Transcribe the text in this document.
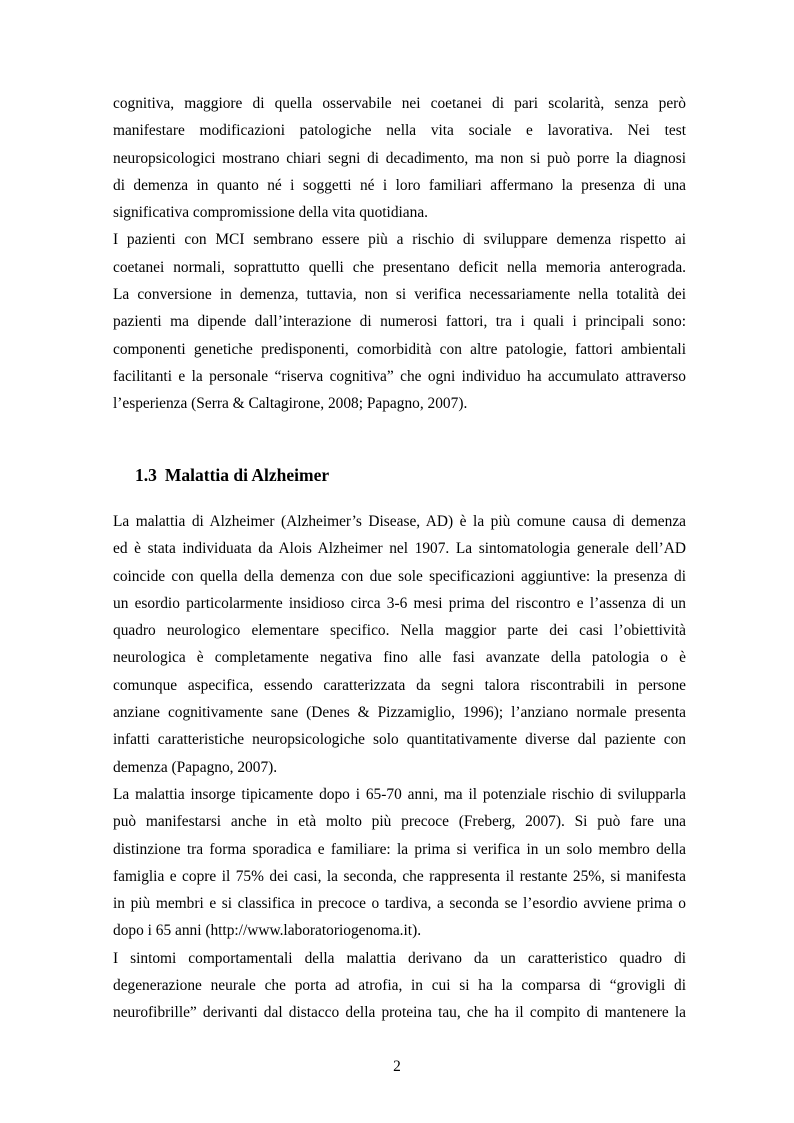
cognitiva, maggiore di quella osservabile nei coetanei di pari scolarità, senza però
manifestare modificazioni patologiche nella vita sociale e lavorativa. Nei test
neuropsicologici mostrano chiari segni di decadimento, ma non si può porre la diagnosi
di demenza in quanto né i soggetti né i loro familiari affermano la presenza di una
significativa compromissione della vita quotidiana.
I pazienti con MCI sembrano essere più a rischio di sviluppare demenza rispetto ai
coetanei normali, soprattutto quelli che presentano deficit nella memoria anterograda.
La conversione in demenza, tuttavia, non si verifica necessariamente nella totalità dei
pazienti ma dipende dall’interazione di numerosi fattori, tra i quali i principali sono:
componenti genetiche predisponenti, comorbidità con altre patologie, fattori ambientali
facilitanti e la personale “riserva cognitiva” che ogni individuo ha accumulato attraverso
l’esperienza (Serra & Caltagirone, 2008; Papagno, 2007).
1.3 Malattia di Alzheimer
La malattia di Alzheimer (Alzheimer’s Disease, AD) è la più comune causa di demenza
ed è stata individuata da Alois Alzheimer nel 1907. La sintomatologia generale dell’AD
coincide con quella della demenza con due sole specificazioni aggiuntive: la presenza di
un esordio particolarmente insidioso circa 3-6 mesi prima del riscontro e l’assenza di un
quadro neurologico elementare specifico. Nella maggior parte dei casi l’obiettività
neurologica è completamente negativa fino alle fasi avanzate della patologia o è
comunque aspecifica, essendo caratterizzata da segni talora riscontrabili in persone
anziane cognitivamente sane (Denes & Pizzamiglio, 1996); l’anziano normale presenta
infatti caratteristiche neuropsicologiche solo quantitativamente diverse dal paziente con
demenza (Papagno, 2007).
La malattia insorge tipicamente dopo i 65-70 anni, ma il potenziale rischio di svilupparla
può manifestarsi anche in età molto più precoce (Freberg, 2007). Si può fare una
distinzione tra forma sporadica e familiare: la prima si verifica in un solo membro della
famiglia e copre il 75% dei casi, la seconda, che rappresenta il restante 25%, si manifesta
in più membri e si classifica in precoce o tardiva, a seconda se l’esordio avviene prima o
dopo i 65 anni (http://www.laboratoriogenoma.it).
I sintomi comportamentali della malattia derivano da un caratteristico quadro di
degenerazione neurale che porta ad atrofia, in cui si ha la comparsa di “grovigli di
neurofibrille” derivanti dal distacco della proteina tau, che ha il compito di mantenere la
2
